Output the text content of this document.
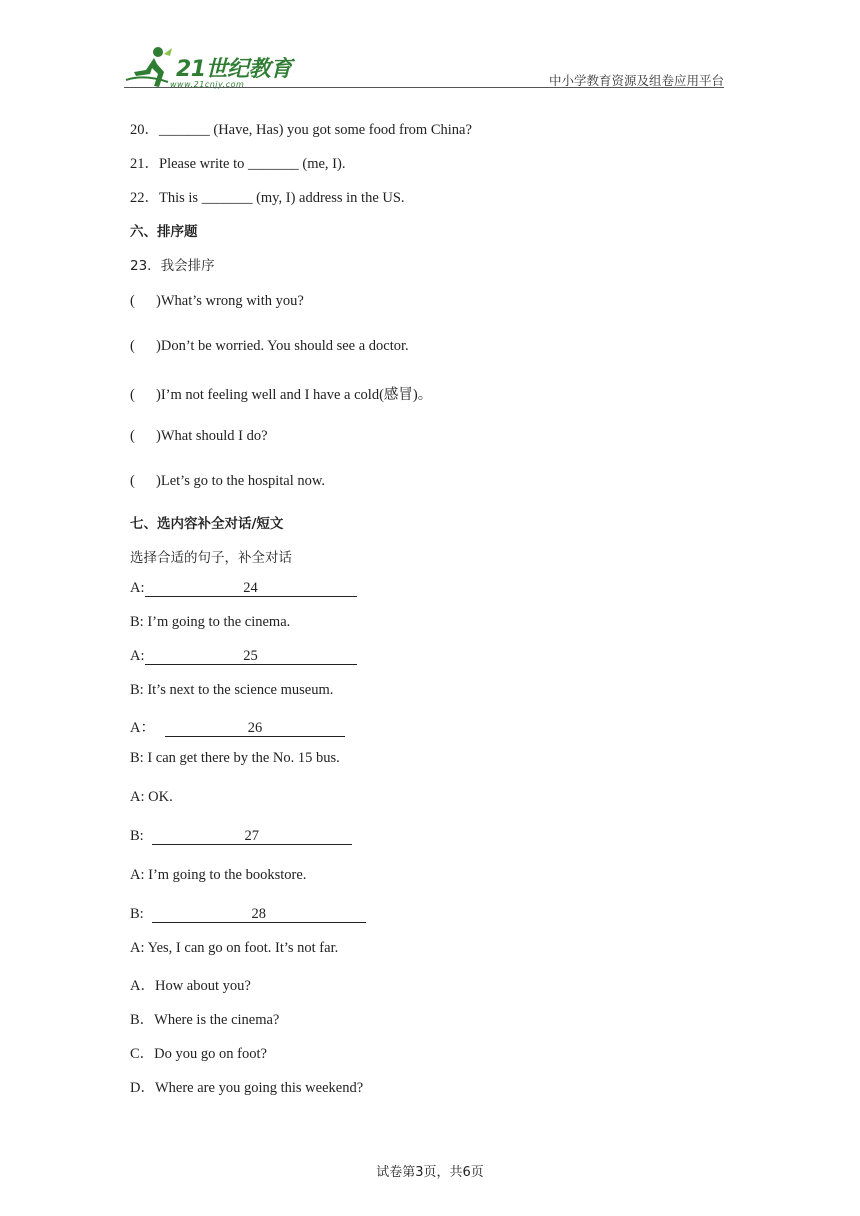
21世纪教育
www.21cnjy.com	中小学教育资源及组卷应用平台
20．_______ (Have, Has) you got some food from China?
21．Please write to _______ (me, I).
22．This is _______ (my, I) address in the US.
六、排序题
23．我会排序
( )What’s wrong with you?
( )Don’t be worried. You should see a doctor.
( )I’m not feeling well and I have a cold(感冒)。
( )What should I do?
( )Let’s go to the hospital now.
七、选内容补全对话/短文
选择合适的句子，补全对话
A:	24
B: I’m going to the cinema.
A:	25
B: It’s next to the science museum.
A：	26
B: I can get there by the No. 15 bus.
A: OK.
B:	27
A: I’m going to the bookstore.
B:	28
A: Yes, I can go on foot. It’s not far.
A．How about you?
B．Where is the cinema?
C．Do you go on foot?
D．Where are you going this weekend?
试卷第3页，共6页
